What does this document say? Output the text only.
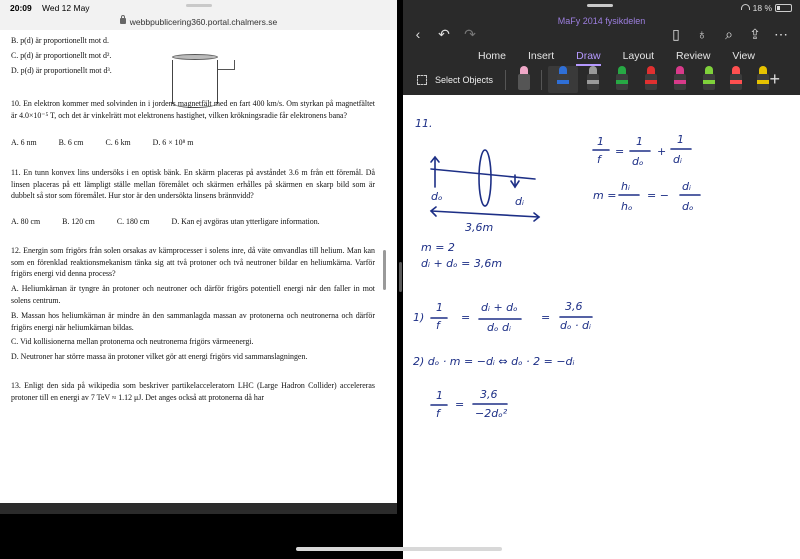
20:09 Wed 12 May
webbpublicering360.portal.chalmers.se

B. p(d) är proportionellt mot d.

C. p(d) är proportionellt mot d².

D. p(d) är proportionellt mot d³.

10. En elektron kommer med solvinden in i jordens magnetfält med en fart 400 km/s. Om styrkan på magnetfältet är 4.0×10⁻⁵ T, och det är vinkelrätt mot elektronens hastighet, vilken krökningsradie får elektronens bana?

A. 6 nm	B. 6 cm	C. 6 km	D. 6 × 10⁸ m

11. En tunn konvex lins undersöks i en optisk bänk. En skärm placeras på avståndet 3.6 m från ett föremål. Då linsen placeras på ett lämpligt ställe mellan föremålet och skärmen erhålles på skärmen en skarp bild som är dubbelt så stor som föremålet. Hur stor är den undersökta linsens brännvidd?

A. 80 cm	B. 120 cm	C. 180 cm	D. Kan ej avgöras utan ytterligare information.

12. Energin som frigörs från solen orsakas av kärnprocesser i solens inre, då väte omvandlas till helium. Man kan som en förenklad reaktionsmekanism tänka sig att två protoner och två neutroner bildar en heliumkärna. Varför frigörs energi vid denna process?

A. Heliumkärnan är tyngre än protoner och neutroner och därför frigörs potentiell energi när den faller in mot solens centrum.

B. Massan hos heliumkärnan är mindre än den sammanlagda massan av protonerna och neutronerna och därför frigörs energi när heliumkärnan bildas.

C. Vid kollisionerna mellan protonerna och neutronerna frigörs värmeenergi.

D. Neutroner har större massa än protoner vilket gör att energi frigörs vid sammanslagningen.

13. Enligt den sida på wikipedia som beskriver partikelacceleratorn LHC (Large Hadron Collider) accelereras protoner till en energi av 7 TeV ≈ 1.12 μJ. Det anges också att protonerna då har

18 %
MaFy 2014 fysikdelen
‹	↶ ↷	▯ ♁ ⌕ ⇪ ⋯
Home Insert Draw Layout Review View
Select Objects	+
11.
dₒ	dᵢ
3,6m
1
f
=
1
dₒ
+
1
dᵢ
m =
hᵢ
hₒ
= −
dᵢ
dₒ
m = 2
dᵢ + dₒ = 3,6m
1)
1
f
=
dᵢ + dₒ
dₒ dᵢ
=
3,6
dₒ · dᵢ
2) dₒ · m = −dᵢ ⇔ dₒ · 2 = −dᵢ
1
f
=
3,6
−2dₒ²
